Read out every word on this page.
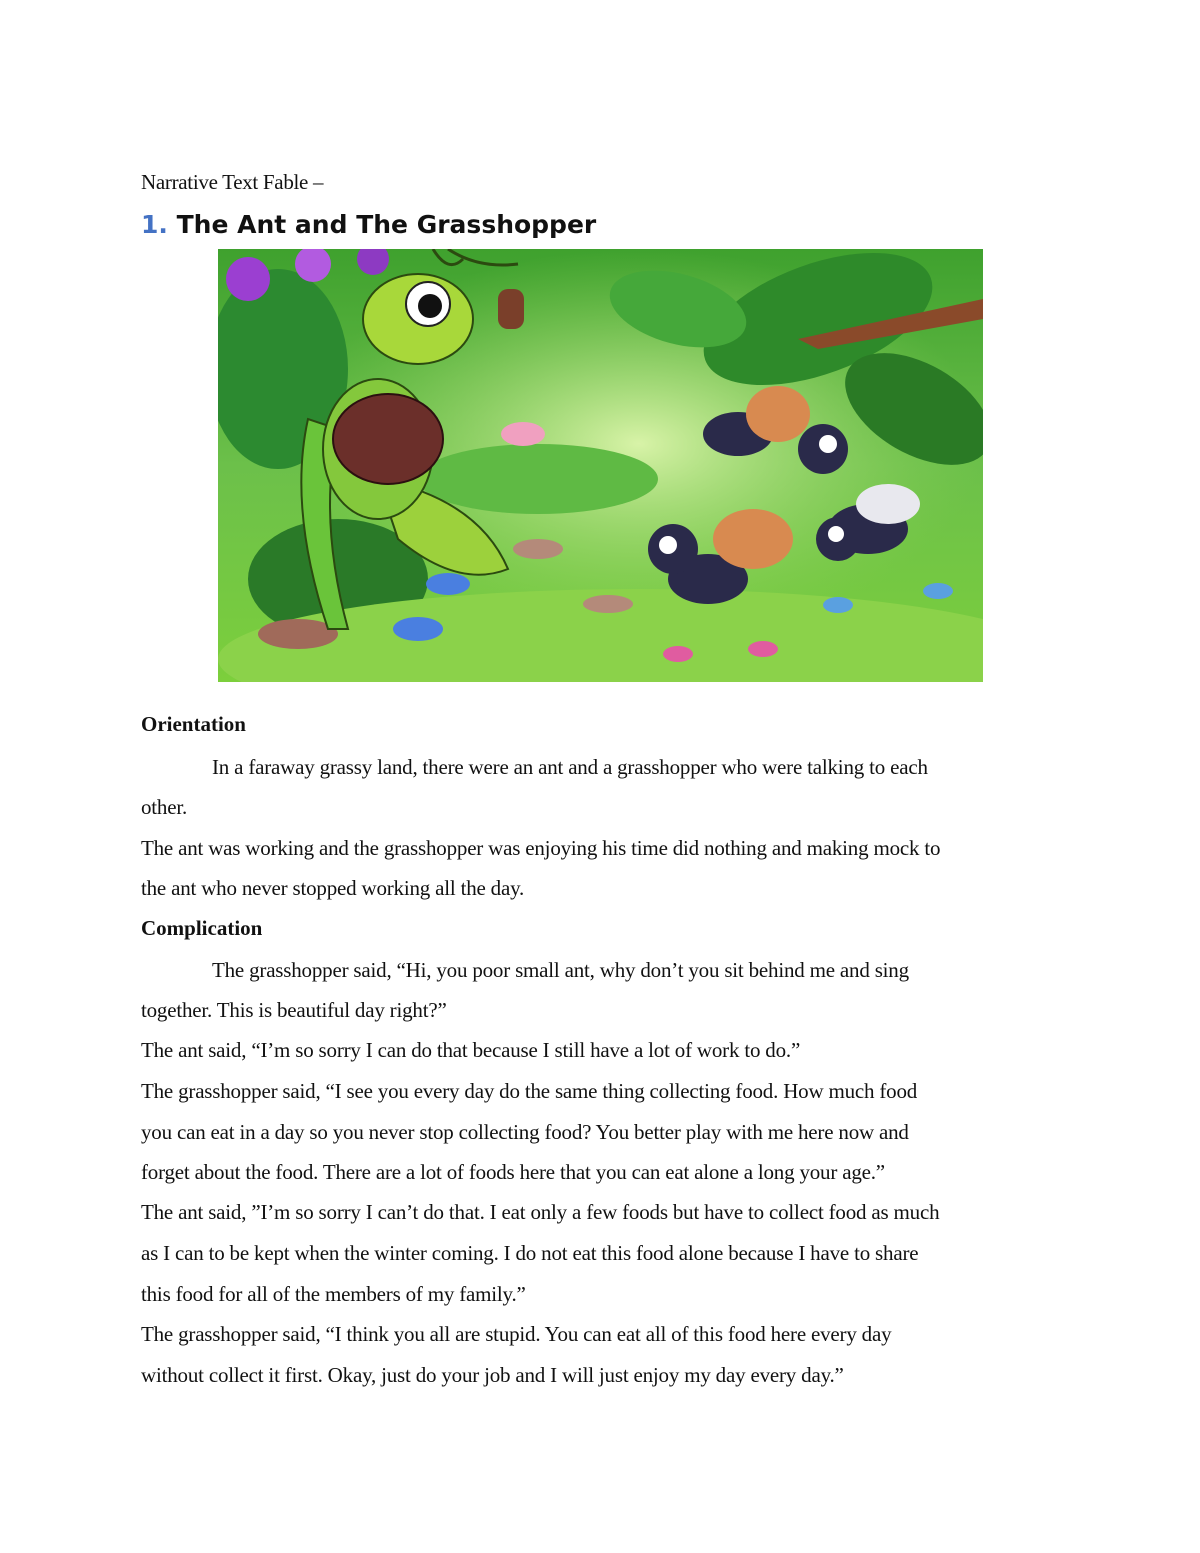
Narrative Text Fable –
1. The Ant and The Grasshopper
Orientation
In a faraway grassy land, there were an ant and a grasshopper who were talking to each
other.
The ant was working and the grasshopper was enjoying his time did nothing and making mock to
the ant who never stopped working all the day.
Complication
The grasshopper said, “Hi, you poor small ant, why don’t you sit behind me and sing
together. This is beautiful day right?”
The ant said, “I’m so sorry I can do that because I still have a lot of work to do.”
The grasshopper said, “I see you every day do the same thing collecting food. How much food
you can eat in a day so you never stop collecting food? You better play with me here now and
forget about the food. There are a lot of foods here that you can eat alone a long your age.”
The ant said, ”I’m so sorry I can’t do that. I eat only a few foods but have to collect food as much
as I can to be kept when the winter coming. I do not eat this food alone because I have to share
this food for all of the members of my family.”
The grasshopper said, “I think you all are stupid. You can eat all of this food here every day
without collect it first. Okay, just do your job and I will just enjoy my day every day.”
